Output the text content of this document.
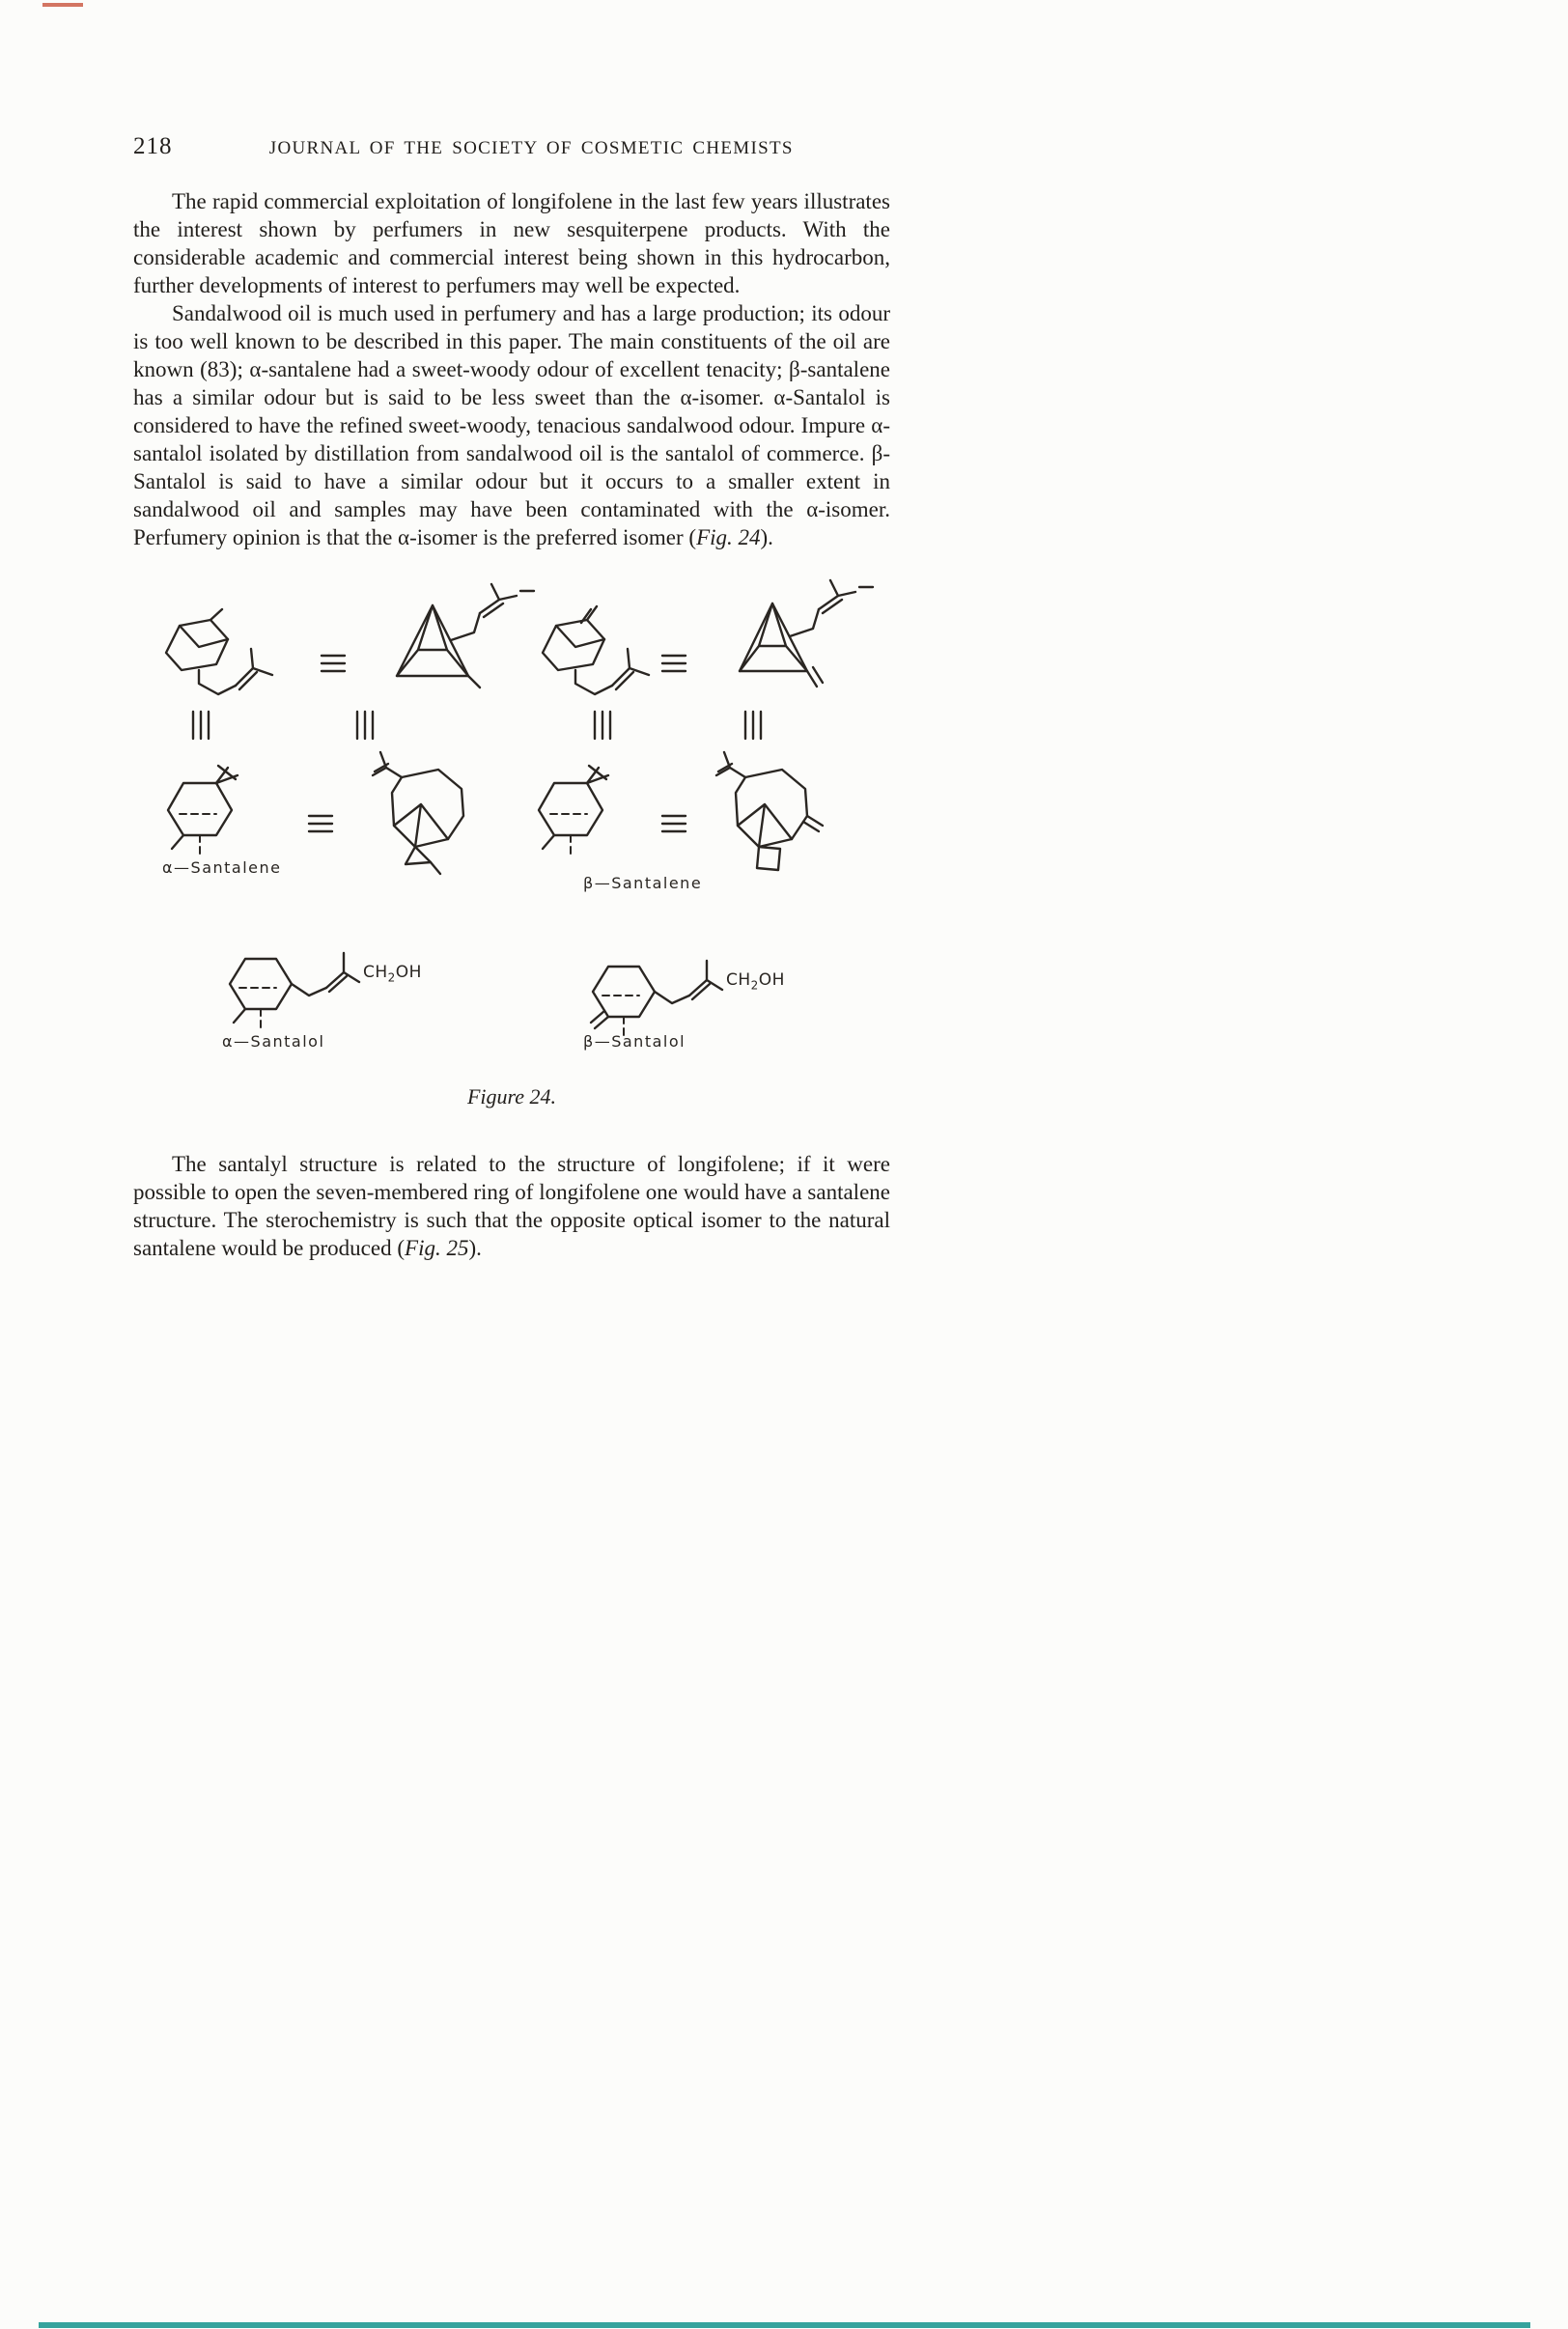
218	JOURNAL OF THE SOCIETY OF COSMETIC CHEMISTS

The rapid commercial exploitation of longifolene in the last few years illustrates the interest shown by perfumers in new sesquiterpene products. With the considerable academic and commercial interest being shown in this hydrocarbon, further developments of interest to perfumers may well be expected.

Sandalwood oil is much used in perfumery and has a large production; its odour is too well known to be described in this paper. The main constituents of the oil are known (83); α-santalene had a sweet-woody odour of excellent tenacity; β-santalene has a similar odour but is said to be less sweet than the α-isomer. α-Santalol is considered to have the refined sweet-woody, tenacious sandalwood odour. Impure α-santalol isolated by distillation from sandalwood oil is the santalol of commerce. β-Santalol is said to have a similar odour but it occurs to a smaller extent in sandalwood oil and samples may have been contaminated with the α-isomer. Perfumery opinion is that the α-isomer is the preferred isomer (Fig. 24).

α—Santalene
β—Santalene
$CH_2OH$	$CH_2OH$
α—Santalol	β—Santalol

Figure 24.

The santalyl structure is related to the structure of longifolene; if it were possible to open the seven-membered ring of longifolene one would have a santalene structure. The sterochemistry is such that the opposite optical isomer to the natural santalene would be produced (Fig. 25).
